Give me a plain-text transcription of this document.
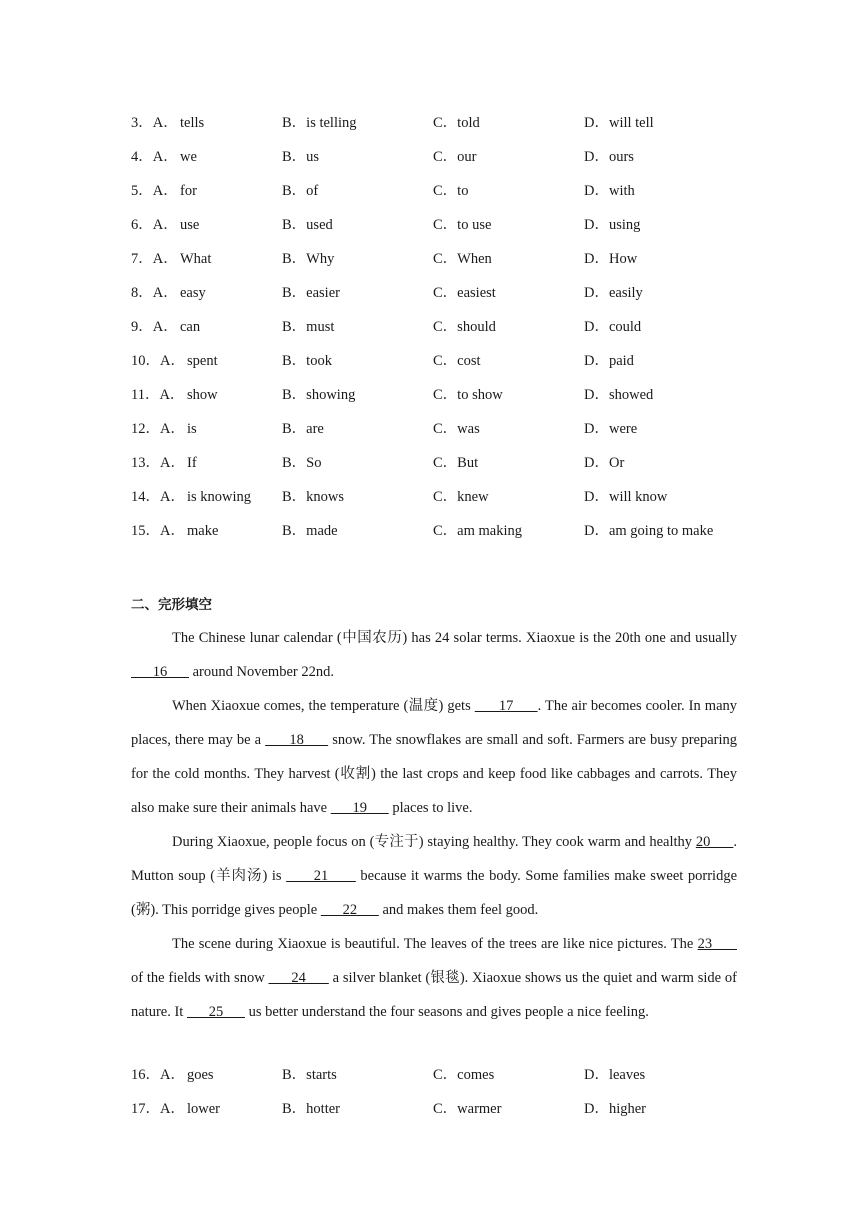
3．A． tells	B．is telling	C．told	D．will tell
4．A． we	B．us	C．our	D．ours
5．A． for	B．of	C．to	D．with
6．A． use	B．used	C．to use	D．using
7．A． What	B．Why	C．When	D．How
8．A． easy	B．easier	C．easiest	D．easily
9．A． can	B．must	C．should	D．could
10．A． spent	B．took	C．cost	D．paid
11．A． show	B．showing	C．to show	D．showed
12．A． is	B．are	C．was	D．were
13．A． If	B．So	C．But	D．Or
14．A． is knowing B．knows	C．knew	D．will know
15．A． make	B．made	C．am making	D．am going to make
二、完形填空

The Chinese lunar calendar (中国农历) has 24 solar terms. Xiaoxue is the 20th one and usually       16       around November 22nd.

When Xiaoxue comes, the temperature (温度) gets       17      . The air becomes cooler. In many places, there may be a       18       snow. The snowflakes are small and soft. Farmers are busy preparing for the cold months. They harvest (收割) the last crops and keep food like cabbages and carrots. They also make sure their animals have       19       places to live.

During Xiaoxue, people focus on (专注于) staying healthy. They cook warm and healthy 20      . Mutton soup (羊肉汤) is       21       because it warms the body. Some families make sweet porridge (粥). This porridge gives people       22       and makes them feel good.

The scene during Xiaoxue is beautiful. The leaves of the trees are like nice pictures. The 23       of the fields with snow       24       a silver blanket (银毯). Xiaoxue shows us the quiet and warm side of nature. It       25       us better understand the four seasons and gives people a nice feeling.

16．A． goes	B．starts	C．comes	D．leaves
17．A． lower	B．hotter	C．warmer	D．higher
